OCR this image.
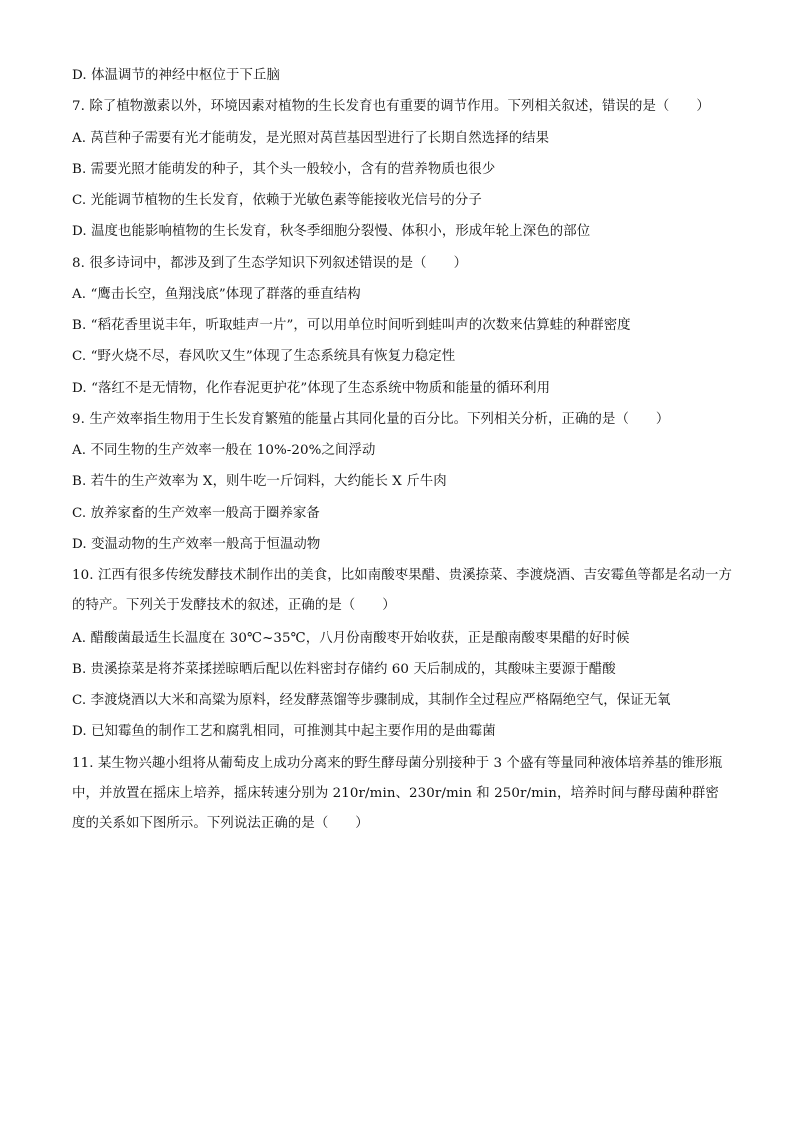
D. 体温调节的神经中枢位于下丘脑
7. 除了植物激素以外，环境因素对植物的生长发育也有重要的调节作用。下列相关叙述，错误的是（　　）
A. 莴苣种子需要有光才能萌发，是光照对莴苣基因型进行了长期自然选择的结果
B. 需要光照才能萌发的种子，其个头一般较小，含有的营养物质也很少
C. 光能调节植物的生长发育，依赖于光敏色素等能接收光信号的分子
D. 温度也能影响植物的生长发育，秋冬季细胞分裂慢、体积小，形成年轮上深色的部位
8. 很多诗词中，都涉及到了生态学知识下列叙述错误的是（　　）
A. “鹰击长空，鱼翔浅底”体现了群落的垂直结构
B. “稻花香里说丰年，听取蛙声一片”，可以用单位时间听到蛙叫声的次数来估算蛙的种群密度
C. “野火烧不尽，春风吹又生”体现了生态系统具有恢复力稳定性
D. “落红不是无情物，化作春泥更护花”体现了生态系统中物质和能量的循环利用
9. 生产效率指生物用于生长发育繁殖的能量占其同化量的百分比。下列相关分析，正确的是（　　）
A. 不同生物的生产效率一般在 10%-20%之间浮动
B. 若牛的生产效率为 X，则牛吃一斤饲料，大约能长 X 斤牛肉
C. 放养家畜的生产效率一般高于圈养家备
D. 变温动物的生产效率一般高于恒温动物
10. 江西有很多传统发酵技术制作出的美食，比如南酸枣果醋、贵溪捺菜、李渡烧酒、吉安霉鱼等都是名动一方的特产。下列关于发酵技术的叙述，正确的是（　　）
A. 醋酸菌最适生长温度在 30℃~35℃，八月份南酸枣开始收获，正是酿南酸枣果醋的好时候
B. 贵溪捺菜是将芥菜揉搓晾晒后配以佐料密封存储约 60 天后制成的，其酸味主要源于醋酸
C. 李渡烧酒以大米和高粱为原料，经发酵蒸馏等步骤制成，其制作全过程应严格隔绝空气，保证无氧
D. 已知霉鱼的制作工艺和腐乳相同，可推测其中起主要作用的是曲霉菌
11. 某生物兴趣小组将从葡萄皮上成功分离来的野生酵母菌分别接种于 3 个盛有等量同种液体培养基的锥形瓶中，并放置在摇床上培养，摇床转速分别为 210r/min、230r/min 和 250r/min，培养时间与酵母菌种群密度的关系如下图所示。下列说法正确的是（　　）
